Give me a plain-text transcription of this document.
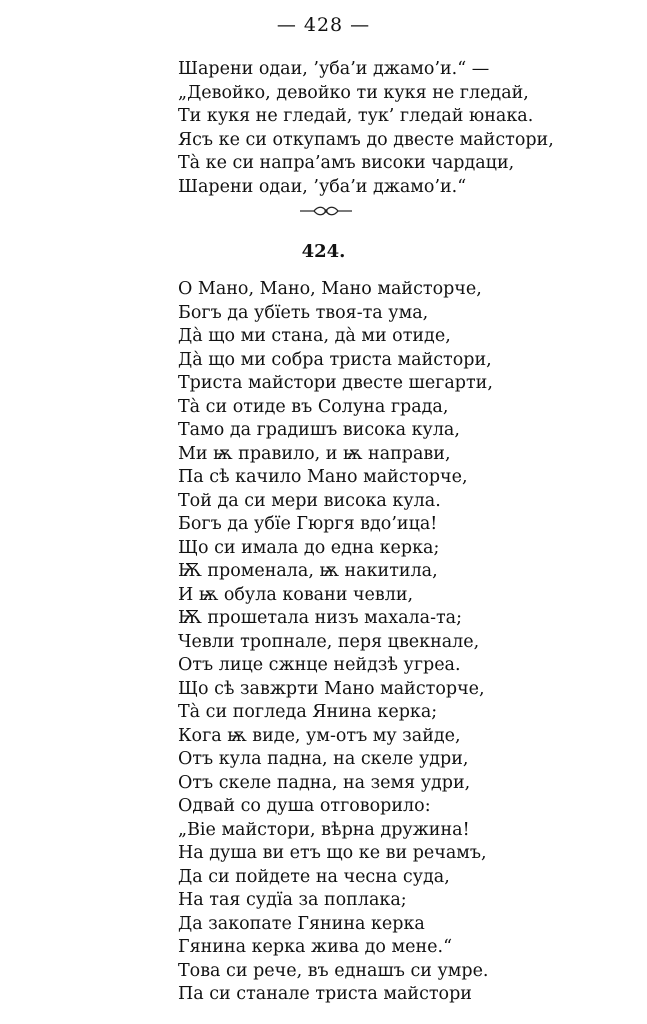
— 428 —
Шарени одаи, ’уба’и джамо’и.“ —
„Девойко, девойко ти кукя не гледай,
Ти кукя не гледай, тук’ гледай юнака.
Ясъ ке си откупамъ до двесте майстори,
Тà ке си напра’амъ високи чардаци,
Шарени одаи, ’уба’и джамо’и.“
424.
О Мано, Мано, Мано майсторче,
Богъ да убїеть твоя-та ума,
Дà що ми стана, дà ми отиде,
Дà що ми собра триста майстори,
Триста майстори двесте шегарти,
Тà си отиде въ Солуна града,
Тамо да градишъ висока кула,
Ми ѭ правило, и ѭ направи,
Па сѣ качило Мано майсторче,
Той да си мери висока кула.
Богъ да убїе Гюргя вдо’ица!
Що си имала до една керка;
Ѭ променала, ѭ накитила,
И ѭ обула ковани чевли,
Ѭ прошетала низъ махала-та;
Чевли тропнале, перя цвекнале,
Отъ лице сжнце нейдзѣ угреа.
Що сѣ завжрти Мано майсторче,
Тà си погледа Янина керка;
Кога ѭ виде, ум-отъ му зайде,
Отъ кула падна, на скеле удри,
Отъ скеле падна, на земя удри,
Одвай со душа отговорило:
„Віе майстори, вѣрна дружина!
На душа ви етъ що ке ви речамъ,
Да си пойдете на чесна суда,
На тая судїа за поплака;
Да закопате Гянина керка
Гянина керка жива до мене.“
Това си рече, въ еднашъ си умре.
Па си станале триста майстори
